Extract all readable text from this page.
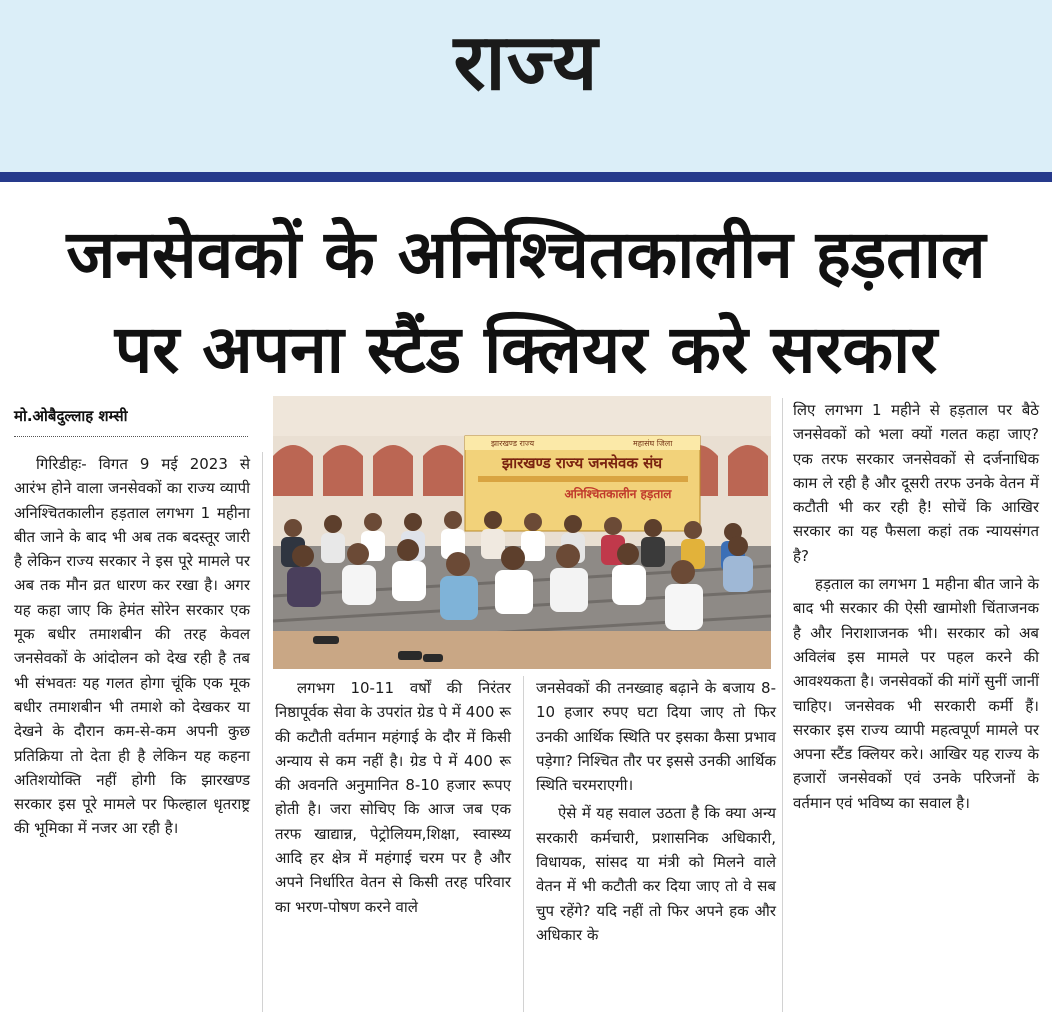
राज्य
जनसेवकों के अनिश्चितकालीन हड़ताल
पर अपना स्टैंड क्लियर करे सरकार
मो.ओबैदुल्लाह शम्सी

गिरिडीहः- विगत 9 मई 2023 से आरंभ होने वाला जनसेवकों का राज्य व्यापी अनिश्चितकालीन हड़ताल लगभग 1 महीना बीत जाने के बाद भी अब तक बदस्तूर जारी है लेकिन राज्य सरकार ने इस पूरे मामले पर अब तक मौन व्रत धारण कर रखा है। अगर यह कहा जाए कि हेमंत सोरेन सरकार एक मूक बधीर तमाशबीन की तरह केवल जनसेवकों के आंदोलन को देख रही है तब भी संभवतः यह गलत होगा चूंकि एक मूक बधीर तमाशबीन भी तमाशे को देखकर या देखने के दौरान कम-से-कम अपनी कुछ प्रतिक्रिया तो देता ही है लेकिन यह कहना अतिशयोक्ति नहीं होगी कि झारखण्ड सरकार इस पूरे मामले पर फिल्हाल धृतराष्ट्र की भूमिका में नजर आ रही है।

झारखण्ड राज्य	महासंघ जिला
झारखण्ड राज्य जनसेवक संघ
अनिश्चितकालीन हड़ताल

लगभग 10-11 वर्षों की निरंतर निष्ठापूर्वक सेवा के उपरांत ग्रेड पे में 400 रू की कटौती वर्तमान महंगाई के दौर में किसी अन्याय से कम नहीं है। ग्रेड पे में 400 रू की अवनति अनुमानित 8-10 हजार रूपए होती है। जरा सोचिए कि आज जब एक तरफ खाद्यान्न, पेट्रोलियम,शिक्षा, स्वास्थ्य आदि हर क्षेत्र में महंगाई चरम पर है और अपने निर्धारित वेतन से किसी तरह परिवार का भरण-पोषण करने वाले

जनसेवकों की तनख्वाह बढ़ाने के बजाय 8-10 हजार रुपए घटा दिया जाए तो फिर उनकी आर्थिक स्थिति पर इसका कैसा प्रभाव पड़ेगा? निश्चित तौर पर इससे उनकी आर्थिक स्थिति चरमराएगी।

ऐसे में यह सवाल उठता है कि क्या अन्य सरकारी कर्मचारी, प्रशासनिक अधिकारी, विधायक, सांसद या मंत्री को मिलने वाले वेतन में भी कटौती कर दिया जाए तो वे सब चुप रहेंगे? यदि नहीं तो फिर अपने हक और अधिकार के

लिए लगभग 1 महीने से हड़ताल पर बैठे जनसेवकों को भला क्यों गलत कहा जाए? एक तरफ सरकार जनसेवकों से दर्जनाधिक काम ले रही है और दूसरी तरफ उनके वेतन में कटौती भी कर रही है! सोचें कि आखिर सरकार का यह फैसला कहां तक न्यायसंगत है?

हड़ताल का लगभग 1 महीना बीत जाने के बाद भी सरकार की ऐसी खामोशी चिंताजनक है और निराशाजनक भी। सरकार को अब अविलंब इस मामले पर पहल करने की आवश्यकता है। जनसेवकों की मांगें सुनीं जानीं चाहिए। जनसेवक भी सरकारी कर्मी हैं। सरकार इस राज्य व्यापी महत्वपूर्ण मामले पर अपना स्टैंड क्लियर करे। आखिर यह राज्य के हजारों जनसेवकों एवं उनके परिजनों के वर्तमान एवं भविष्य का सवाल है।
